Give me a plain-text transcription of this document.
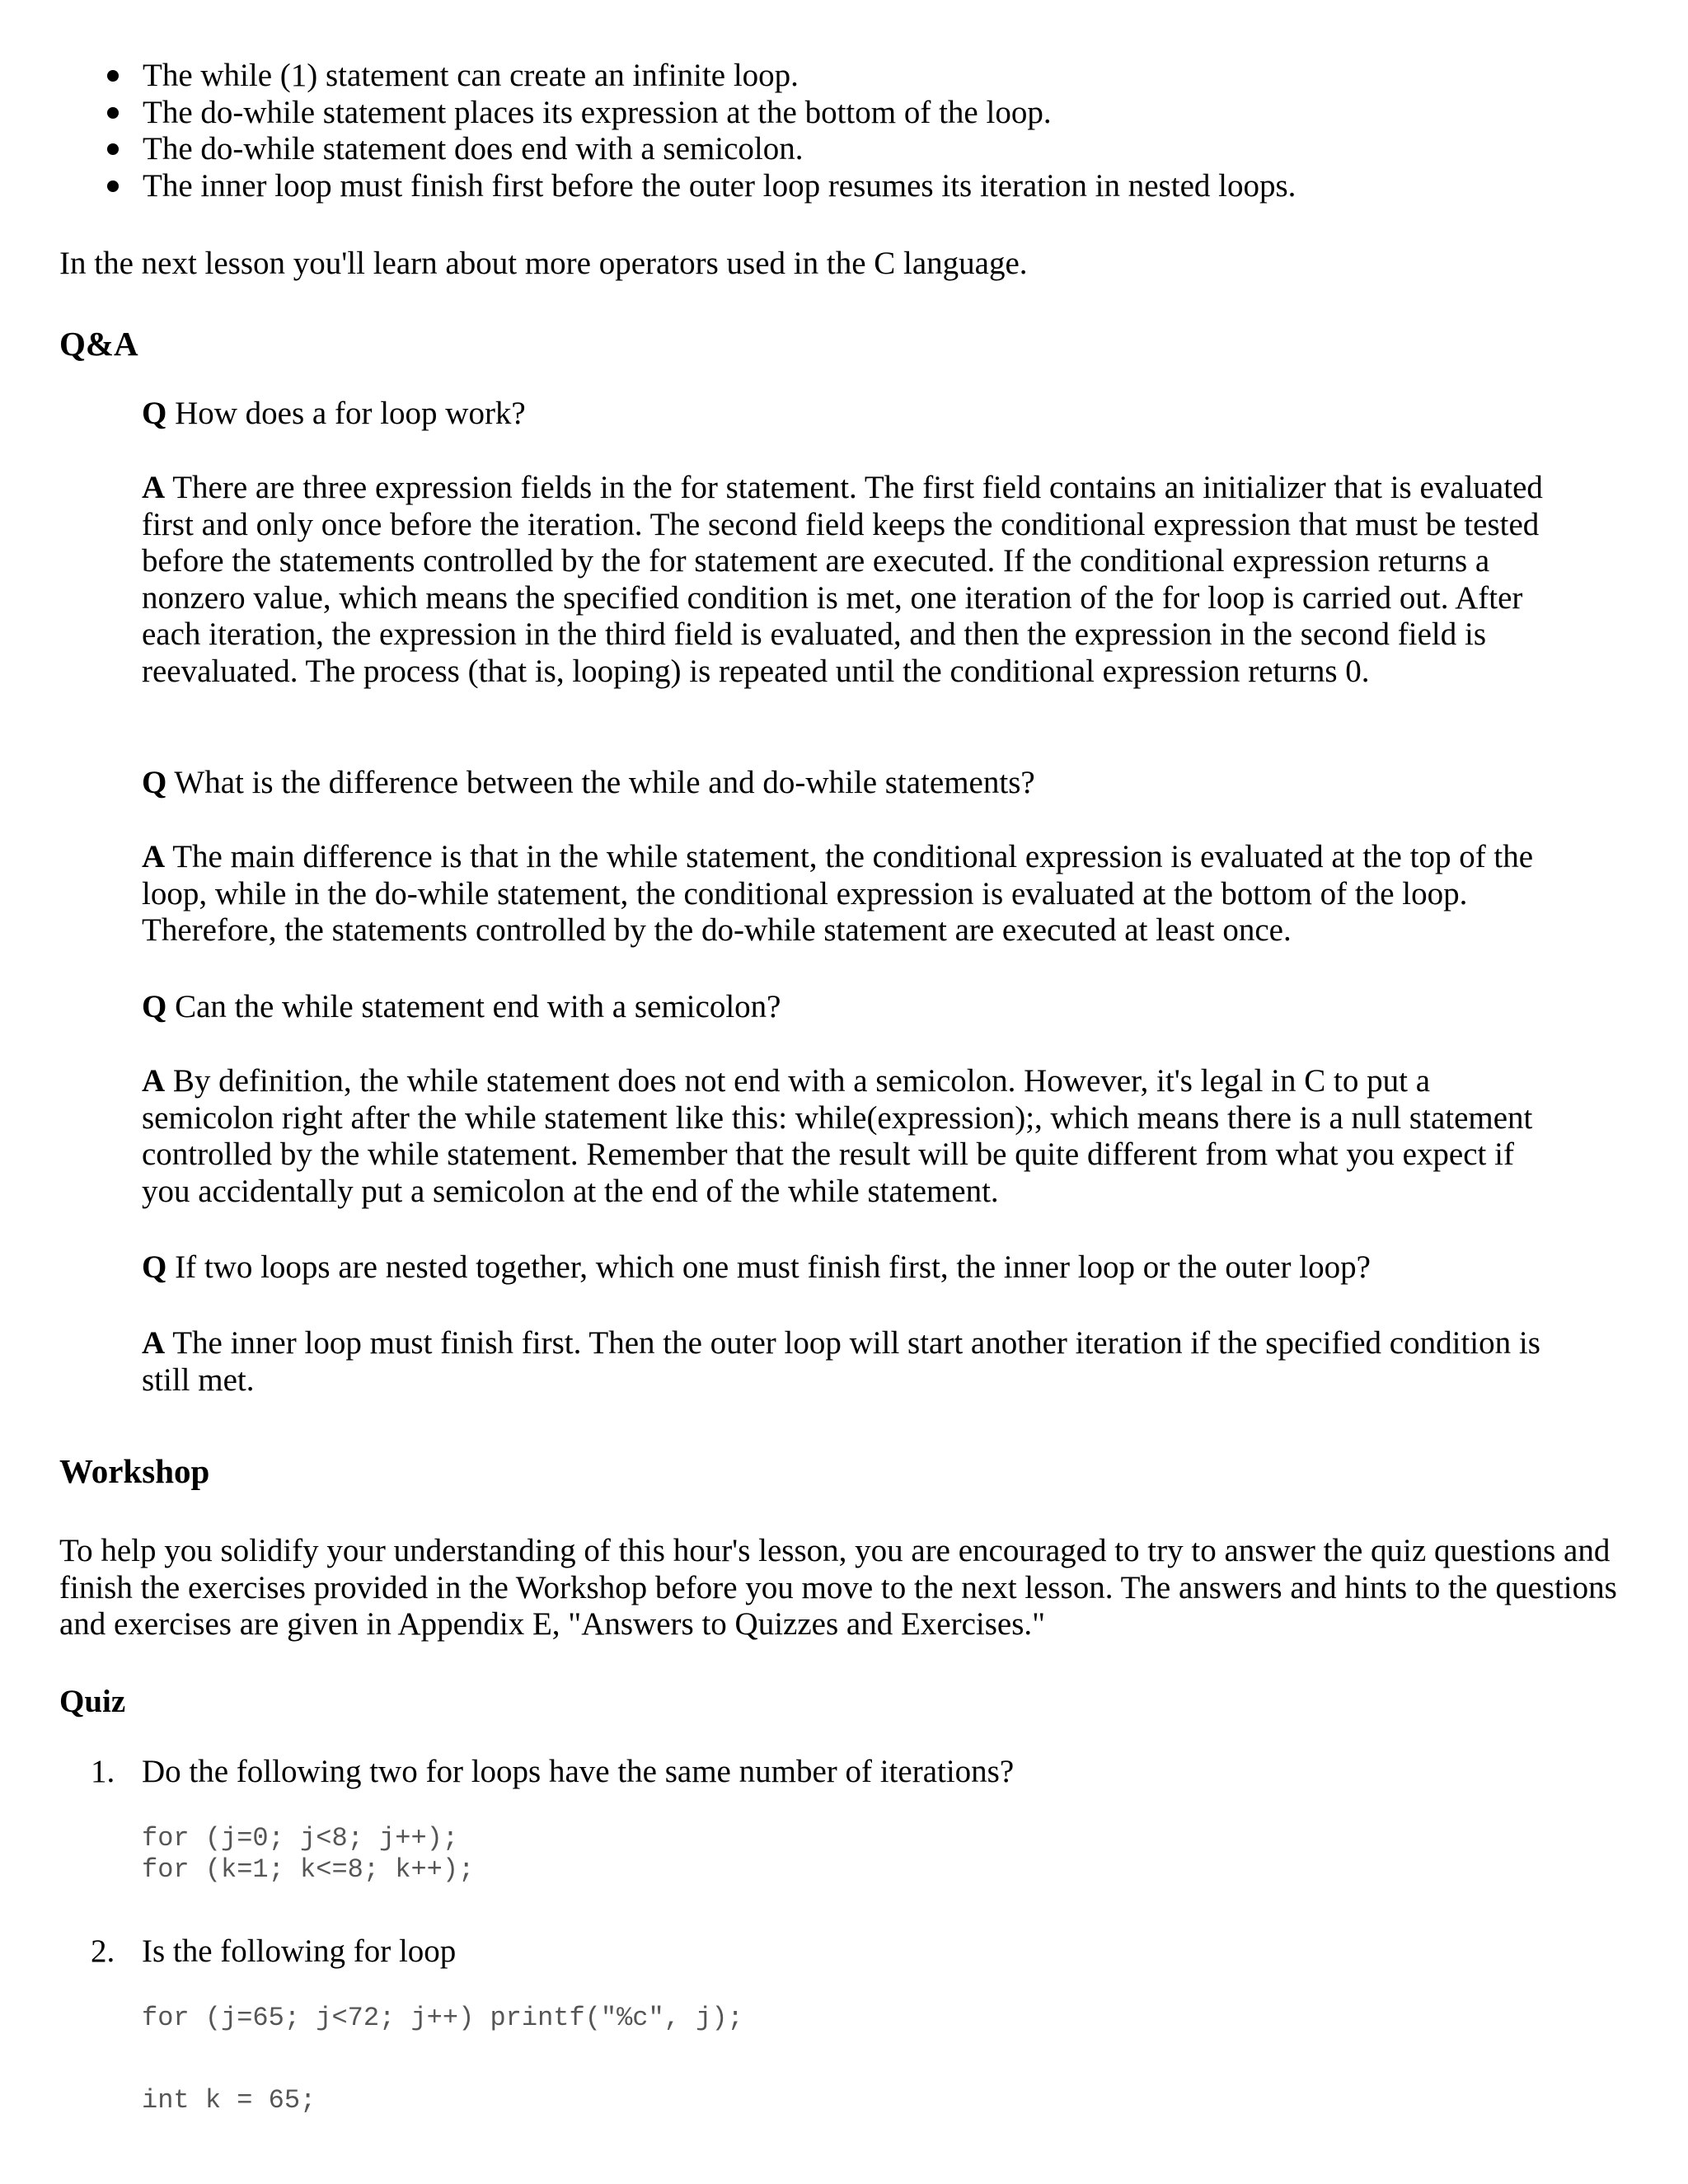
The while (1) statement can create an infinite loop.
The do-while statement places its expression at the bottom of the loop.
The do-while statement does end with a semicolon.
The inner loop must finish first before the outer loop resumes its iteration in nested loops.

In the next lesson you'll learn about more operators used in the C language.

Q&A

Q How does a for loop work?

A There are three expression fields in the for statement. The first field contains an initializer that is evaluated first and only once before the iteration. The second field keeps the conditional expression that must be tested before the statements controlled by the for statement are executed. If the conditional expression returns a nonzero value, which means the specified condition is met, one iteration of the for loop is carried out. After each iteration, the expression in the third field is evaluated, and then the expression in the second field is reevaluated. The process (that is, looping) is repeated until the conditional expression returns 0.

Q What is the difference between the while and do-while statements?

A The main difference is that in the while statement, the conditional expression is evaluated at the top of the loop, while in the do-while statement, the conditional expression is evaluated at the bottom of the loop. Therefore, the statements controlled by the do-while statement are executed at least once.

Q Can the while statement end with a semicolon?

A By definition, the while statement does not end with a semicolon. However, it's legal in C to put a semicolon right after the while statement like this: while(expression);, which means there is a null statement controlled by the while statement. Remember that the result will be quite different from what you expect if you accidentally put a semicolon at the end of the while statement.

Q If two loops are nested together, which one must finish first, the inner loop or the outer loop?

A The inner loop must finish first. Then the outer loop will start another iteration if the specified condition is still met.

Workshop

To help you solidify your understanding of this hour's lesson, you are encouraged to try to answer the quiz questions and finish the exercises provided in the Workshop before you move to the next lesson. The answers and hints to the questions and exercises are given in Appendix E, "Answers to Quizzes and Exercises."

Quiz
1. Do the following two for loops have the same number of iterations?
for (j=0; j<8; j++);
for (k=1; k<=8; k++);
2. Is the following for loop
for (j=65; j<72; j++) printf("%c", j);
int k = 65;
